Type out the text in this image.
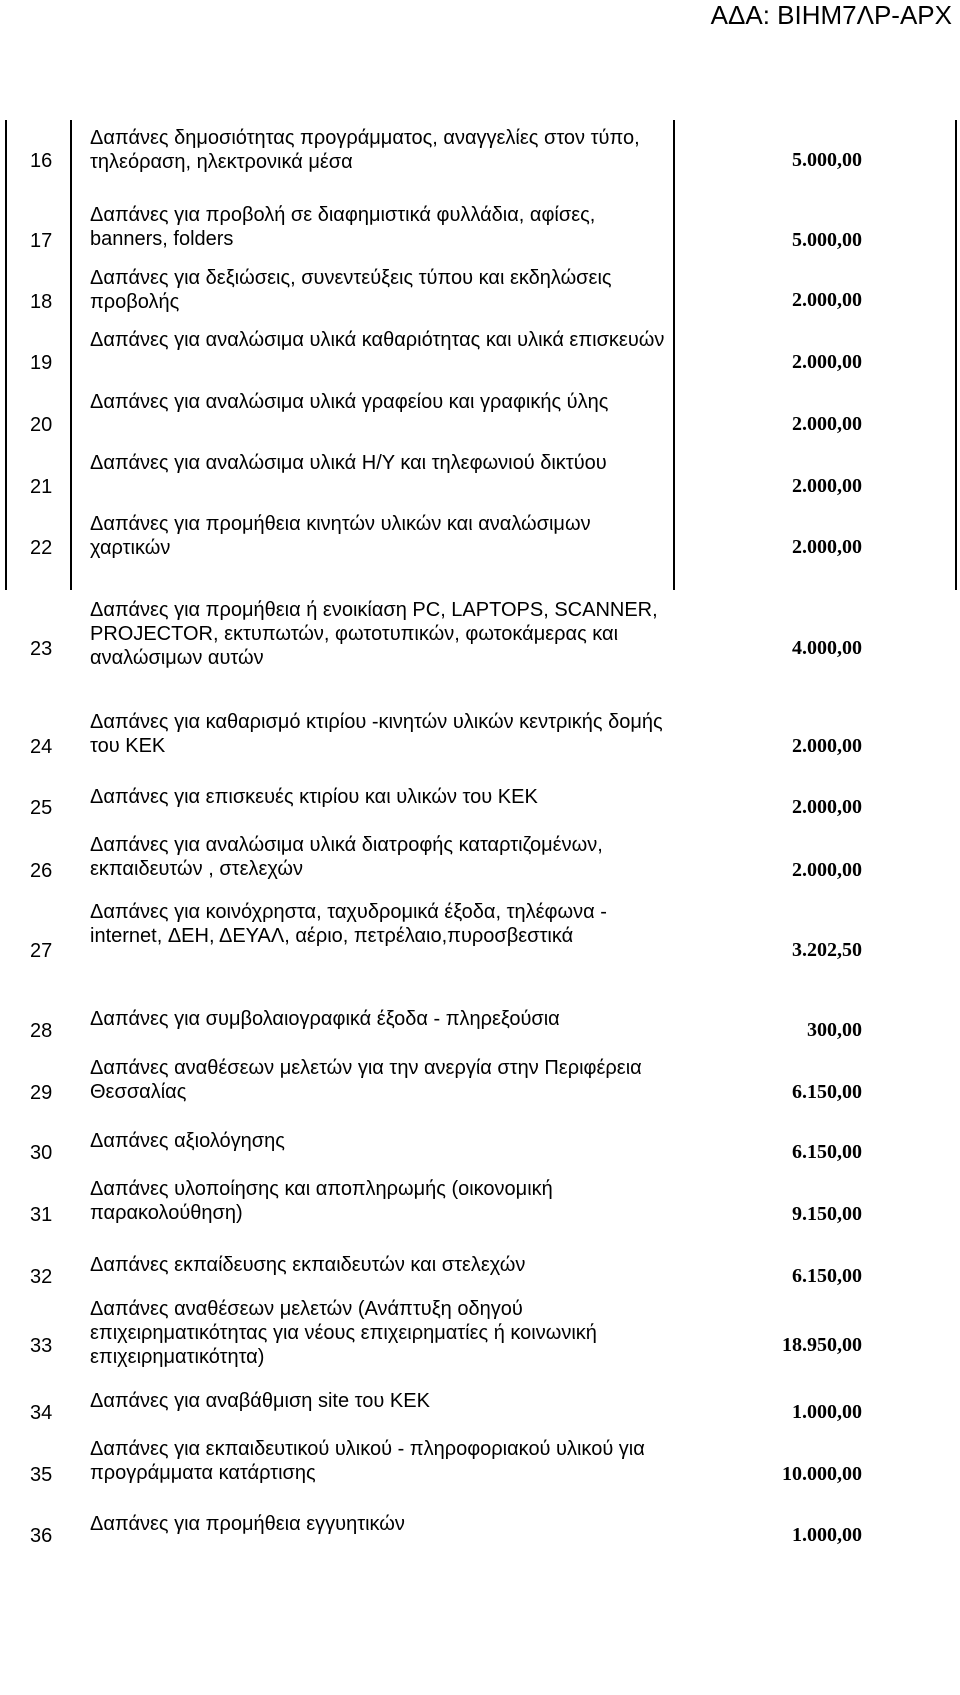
ΑΔΑ: ΒΙΗΜ7ΛΡ-ΑΡΧ
16
Δαπάνες δημοσιότητας προγράμματος, αναγγελίες στον τύπο, τηλεόραση, ηλεκτρονικά μέσα	5.000,00
17
Δαπάνες για προβολή σε διαφημιστικά φυλλάδια, αφίσες, banners, folders	5.000,00
18
Δαπάνες για δεξιώσεις, συνεντεύξεις τύπου και εκδηλώσεις προβολής	2.000,00
19
Δαπάνες για αναλώσιμα υλικά καθαριότητας και υλικά επισκευών
2.000,00
20
Δαπάνες για αναλώσιμα υλικά γραφείου και γραφικής ύλης
2.000,00
21
Δαπάνες για αναλώσιμα υλικά Η/Υ και τηλεφωνιού δικτύου
2.000,00
22
Δαπάνες για προμήθεια κινητών υλικών και αναλώσιμων χαρτικών	2.000,00
23
Δαπάνες για προμήθεια ή ενοικίαση PC, LAPTOPS, SCANNER, PROJECTOR, εκτυπωτών, φωτοτυπικών, φωτοκάμερας και αναλώσιμων αυτών	4.000,00
24
Δαπάνες για καθαρισμό κτιρίου -κινητών υλικών κεντρικής δομής του ΚΕΚ	2.000,00
25 Δαπάνες για επισκευές κτιρίου και υλικών του ΚΕΚ	2.000,00
26
Δαπάνες για αναλώσιμα υλικά διατροφής καταρτιζομένων, εκπαιδευτών , στελεχών	2.000,00
27
Δαπάνες για κοινόχρηστα, ταχυδρομικά έξοδα, τηλέφωνα - internet, ΔΕΗ, ΔΕΥΑΛ, αέριο, πετρέλαιο,πυροσβεστικά
3.202,50
28
Δαπάνες για συμβολαιογραφικά έξοδα - πληρεξούσια	300,00
29
Δαπάνες αναθέσεων μελετών για την ανεργία στην Περιφέρεια Θεσσαλίας	6.150,00
30
Δαπάνες αξιολόγησης	6.150,00
31
Δαπάνες υλοποίησης και αποπληρωμής (οικονομική παρακολούθηση)	9.150,00
32
Δαπάνες εκπαίδευσης εκπαιδευτών και στελεχών	6.150,00
33
Δαπάνες αναθέσεων μελετών (Ανάπτυξη οδηγού επιχειρηματικότητας για νέους επιχειρηματίες ή κοινωνική επιχειρηματικότητα)
18.950,00
34
Δαπάνες για αναβάθμιση site του ΚΕΚ	1.000,00
35
Δαπάνες για εκπαιδευτικού υλικού - πληροφοριακού υλικού για προγράμματα κατάρτισης	10.000,00
36
Δαπάνες για προμήθεια εγγυητικών	1.000,00
